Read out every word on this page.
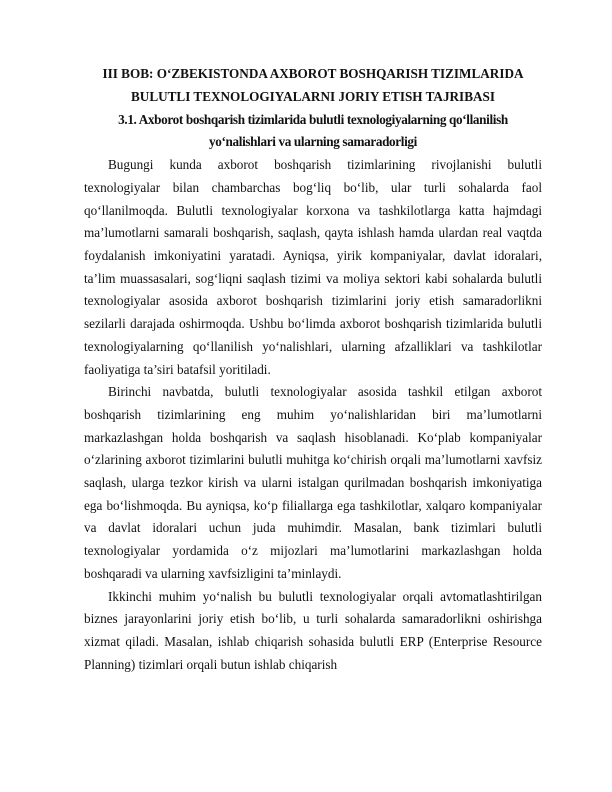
III BOB: O‘ZBEKISTONDA AXBOROT BOSHQARISH TIZIMLARIDA BULUTLI TEXNOLOGIYALARNI JORIY ETISH TAJRIBASI

3.1. Axborot boshqarish tizimlarida bulutli texnologiyalarning qo‘llanilish yo‘nalishlari va ularning samaradorligi

Bugungi kunda axborot boshqarish tizimlarining rivojlanishi bulutli texnologiyalar bilan chambarchas bog‘liq bo‘lib, ular turli sohalarda faol qo‘llanilmoqda. Bulutli texnologiyalar korxona va tashkilotlarga katta hajmdagi ma’lumotlarni samarali boshqarish, saqlash, qayta ishlash hamda ulardan real vaqtda foydalanish imkoniyatini yaratadi. Ayniqsa, yirik kompaniyalar, davlat idoralari, ta’lim muassasalari, sog‘liqni saqlash tizimi va moliya sektori kabi sohalarda bulutli texnologiyalar asosida axborot boshqarish tizimlarini joriy etish samaradorlikni sezilarli darajada oshirmoqda. Ushbu bo‘limda axborot boshqarish tizimlarida bulutli texnologiyalarning qo‘llanilish yo‘nalishlari, ularning afzalliklari va tashkilotlar faoliyatiga ta’siri batafsil yoritiladi.

Birinchi navbatda, bulutli texnologiyalar asosida tashkil etilgan axborot boshqarish tizimlarining eng muhim yo‘nalishlaridan biri ma’lumotlarni markazlashgan holda boshqarish va saqlash hisoblanadi. Ko‘plab kompaniyalar o‘zlarining axborot tizimlarini bulutli muhitga ko‘chirish orqali ma’lumotlarni xavfsiz saqlash, ularga tezkor kirish va ularni istalgan qurilmadan boshqarish imkoniyatiga ega bo‘lishmoqda. Bu ayniqsa, ko‘p filiallarga ega tashkilotlar, xalqaro kompaniyalar va davlat idoralari uchun juda muhimdir. Masalan, bank tizimlari bulutli texnologiyalar yordamida o‘z mijozlari ma’lumotlarini markazlashgan holda boshqaradi va ularning xavfsizligini ta’minlaydi.

Ikkinchi muhim yo‘nalish bu bulutli texnologiyalar orqali avtomatlashtirilgan biznes jarayonlarini joriy etish bo‘lib, u turli sohalarda samaradorlikni oshirishga xizmat qiladi. Masalan, ishlab chiqarish sohasida bulutli ERP (Enterprise Resource Planning) tizimlari orqali butun ishlab chiqarish
